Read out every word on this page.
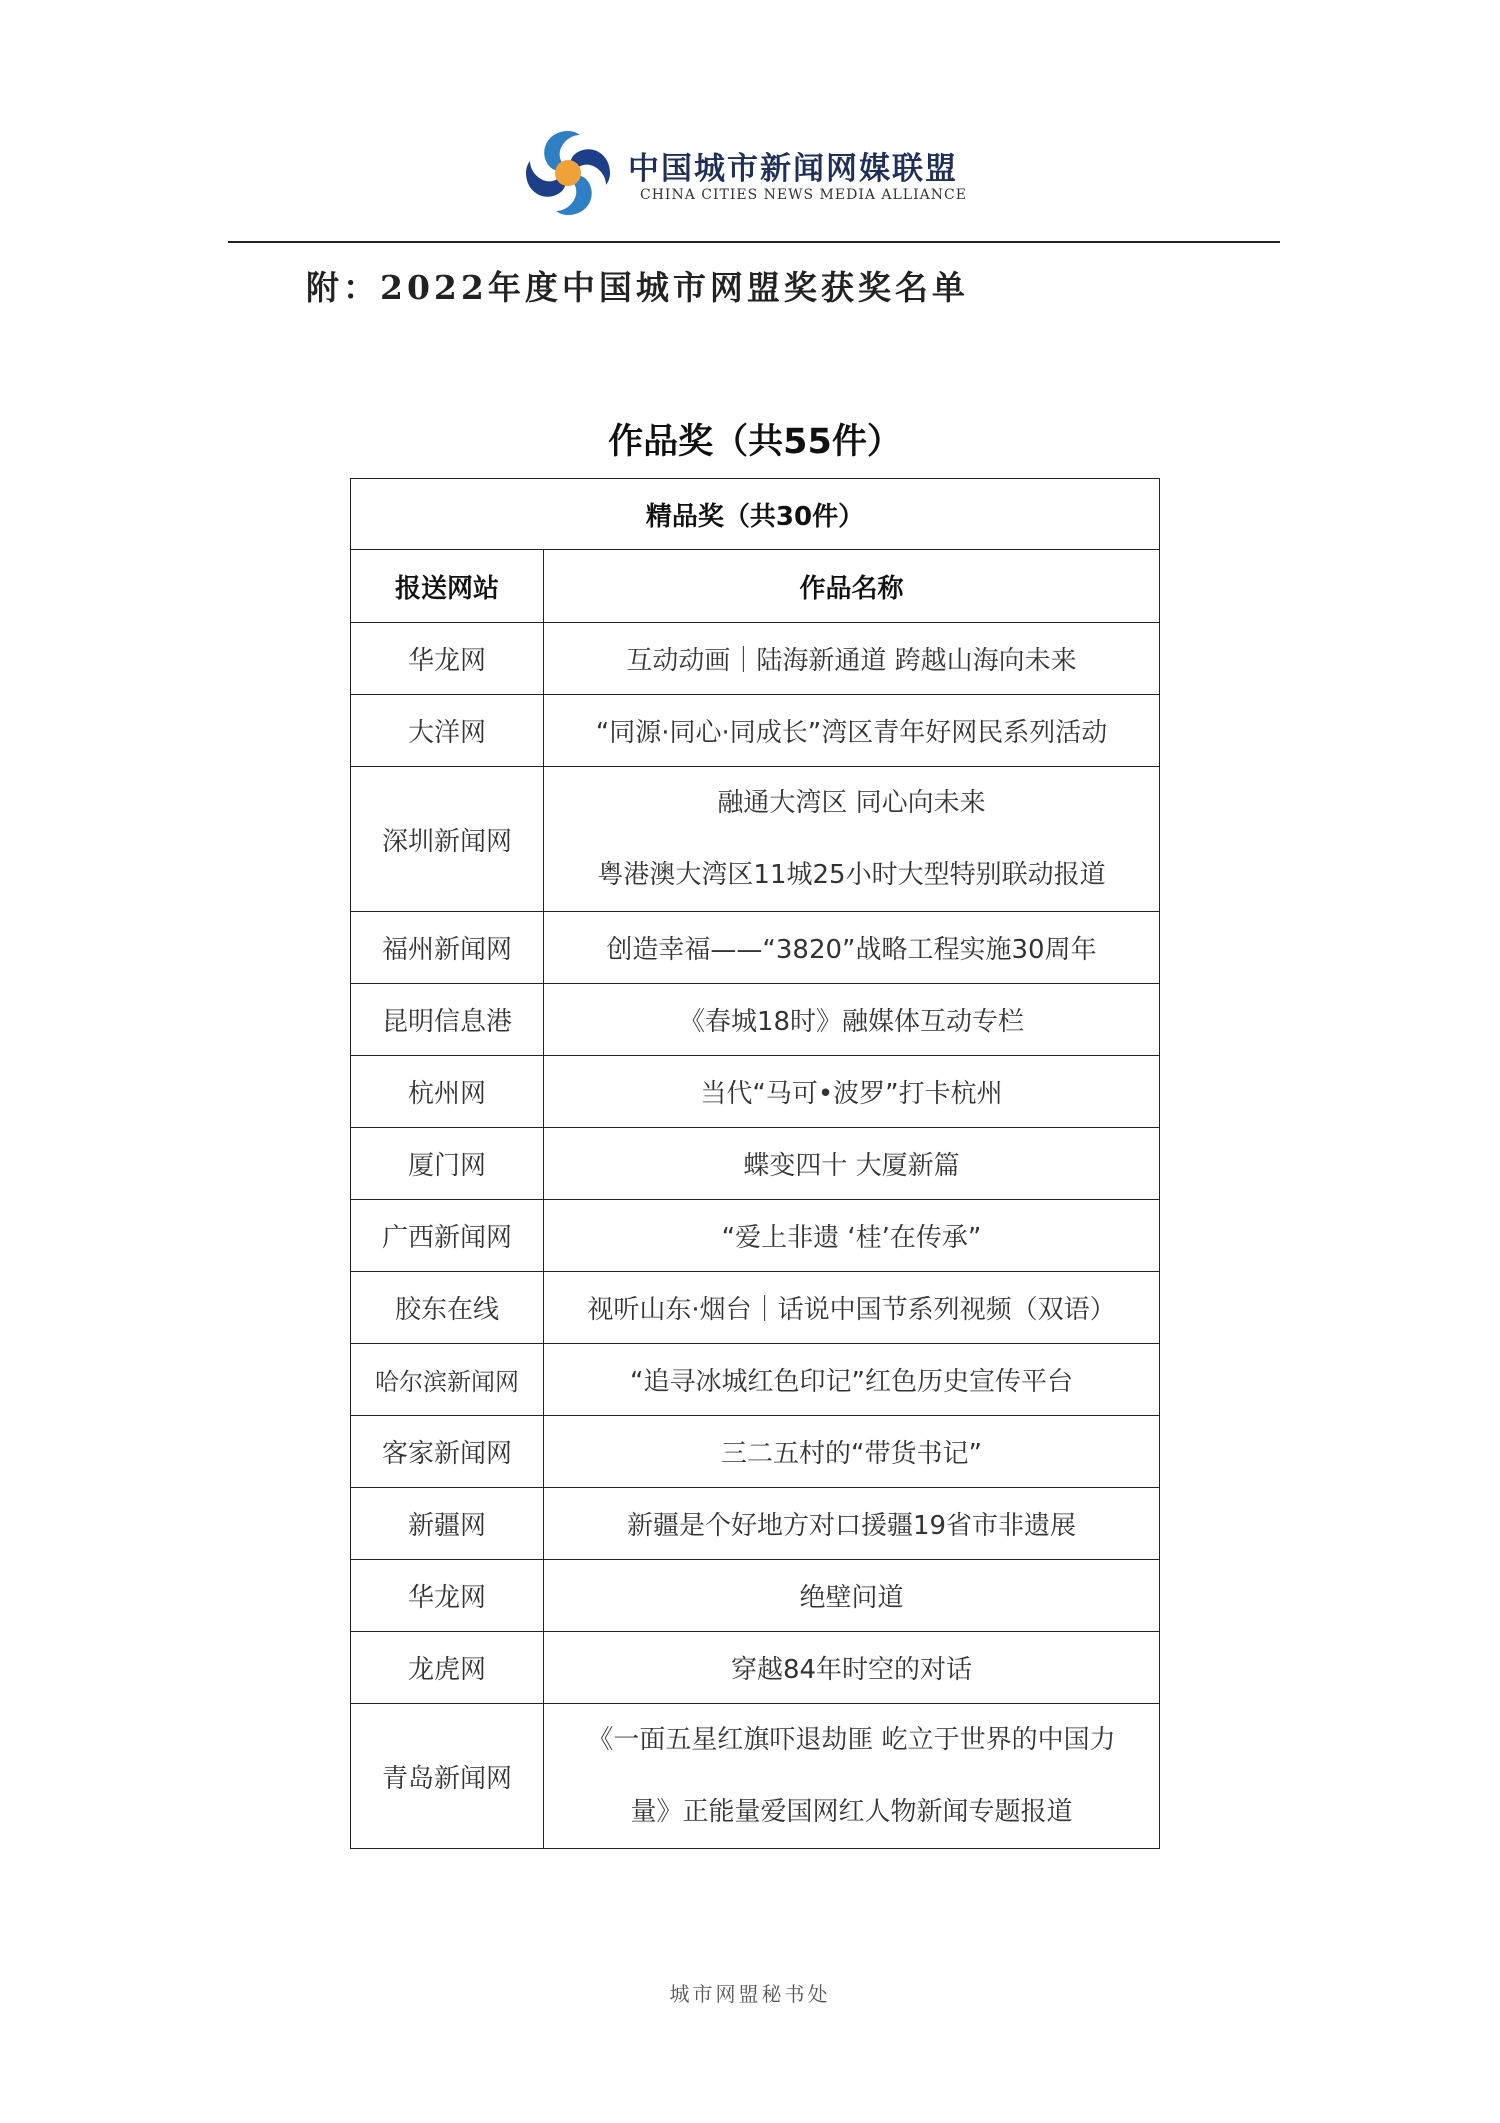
中国城市新闻网媒联盟
CHINA CITIES NEWS MEDIA ALLIANCE
附：2022年度中国城市网盟奖获奖名单
作品奖（共55件）
精品奖（共30件）	
报送网站	作品名称
华龙网	互动动画｜陆海新通道 跨越山海向未来
大洋网	“同源·同心·同成长”湾区青年好网民系列活动
深圳新闻网	融通大湾区 同心向未来
粤港澳大湾区11城25小时大型特别联动报道

福州新闻网	创造幸福——“3820”战略工程实施30周年
昆明信息港	《春城18时》融媒体互动专栏
杭州网	当代“马可•波罗”打卡杭州
厦门网	蝶变四十 大厦新篇
广西新闻网	“爱上非遗 ‘桂’在传承”
胶东在线	视听山东·烟台｜话说中国节系列视频（双语）
哈尔滨新闻网	“追寻冰城红色印记”红色历史宣传平台
客家新闻网	三二五村的“带货书记”
新疆网	新疆是个好地方对口援疆19省市非遗展
华龙网	绝壁问道
龙虎网	穿越84年时空的对话
青岛新闻网	《一面五星红旗吓退劫匪 屹立于世界的中国力
量》正能量爱国网红人物新闻专题报道
城市网盟秘书处
